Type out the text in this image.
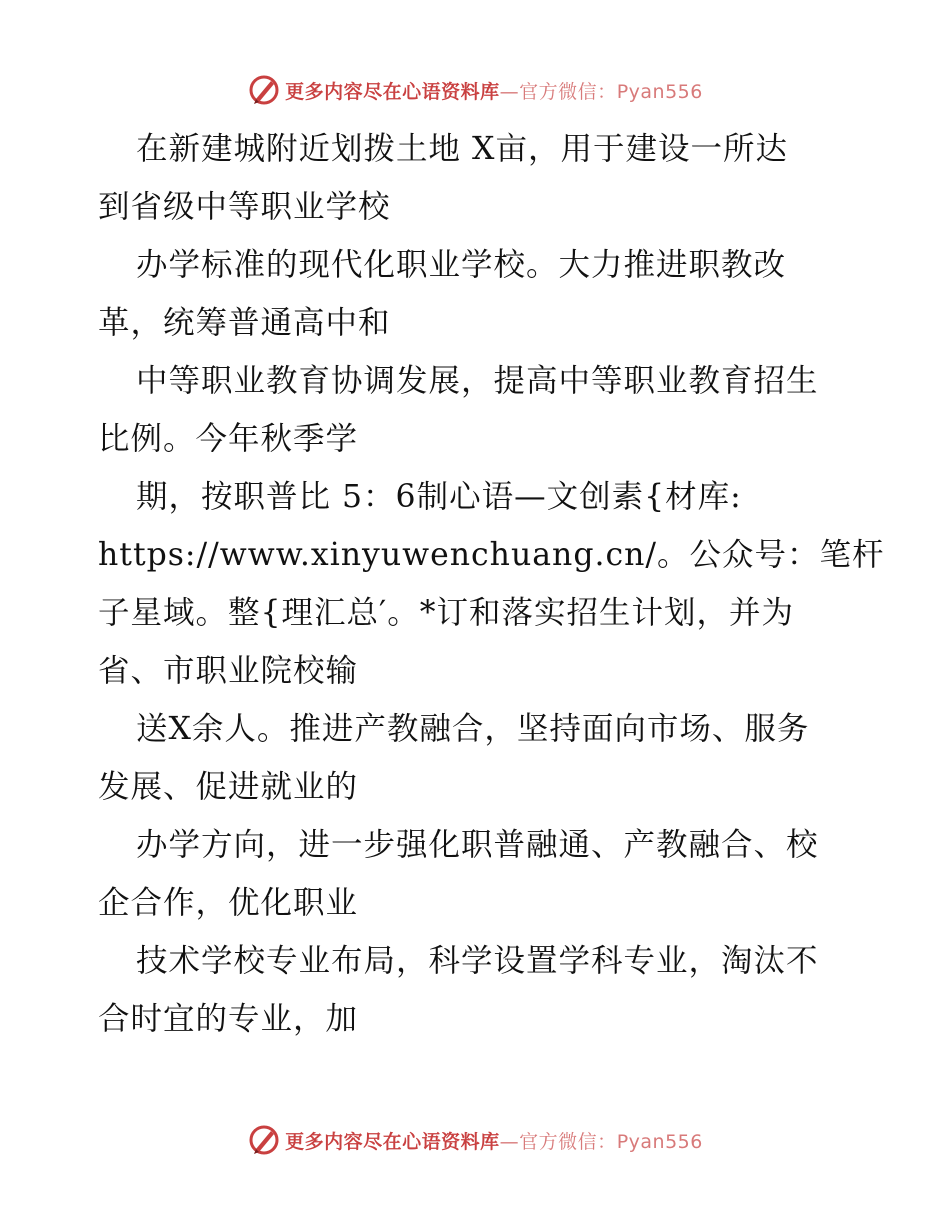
更多内容尽在心语资料库—官方微信：Pyan556
在新建城附近划拨土地 X亩，用于建设一所达
到省级中等职业学校
办学标准的现代化职业学校。大力推进职教改
革，统筹普通高中和
中等职业教育协调发展，提高中等职业教育招生
比例。今年秋季学
期，按职普比 5：6制心语—文创素{材库:
https://www.xinyuwenchuang.cn/。公众号：笔杆
子星域。整{理汇总′。*订和落实招生计划，并为
省、市职业院校输
送X余人。推进产教融合，坚持面向市场、服务
发展、促进就业的
办学方向，进一步强化职普融通、产教融合、校
企合作，优化职业
技术学校专业布局，科学设置学科专业，淘汰不
合时宜的专业，加
更多内容尽在心语资料库—官方微信：Pyan556
